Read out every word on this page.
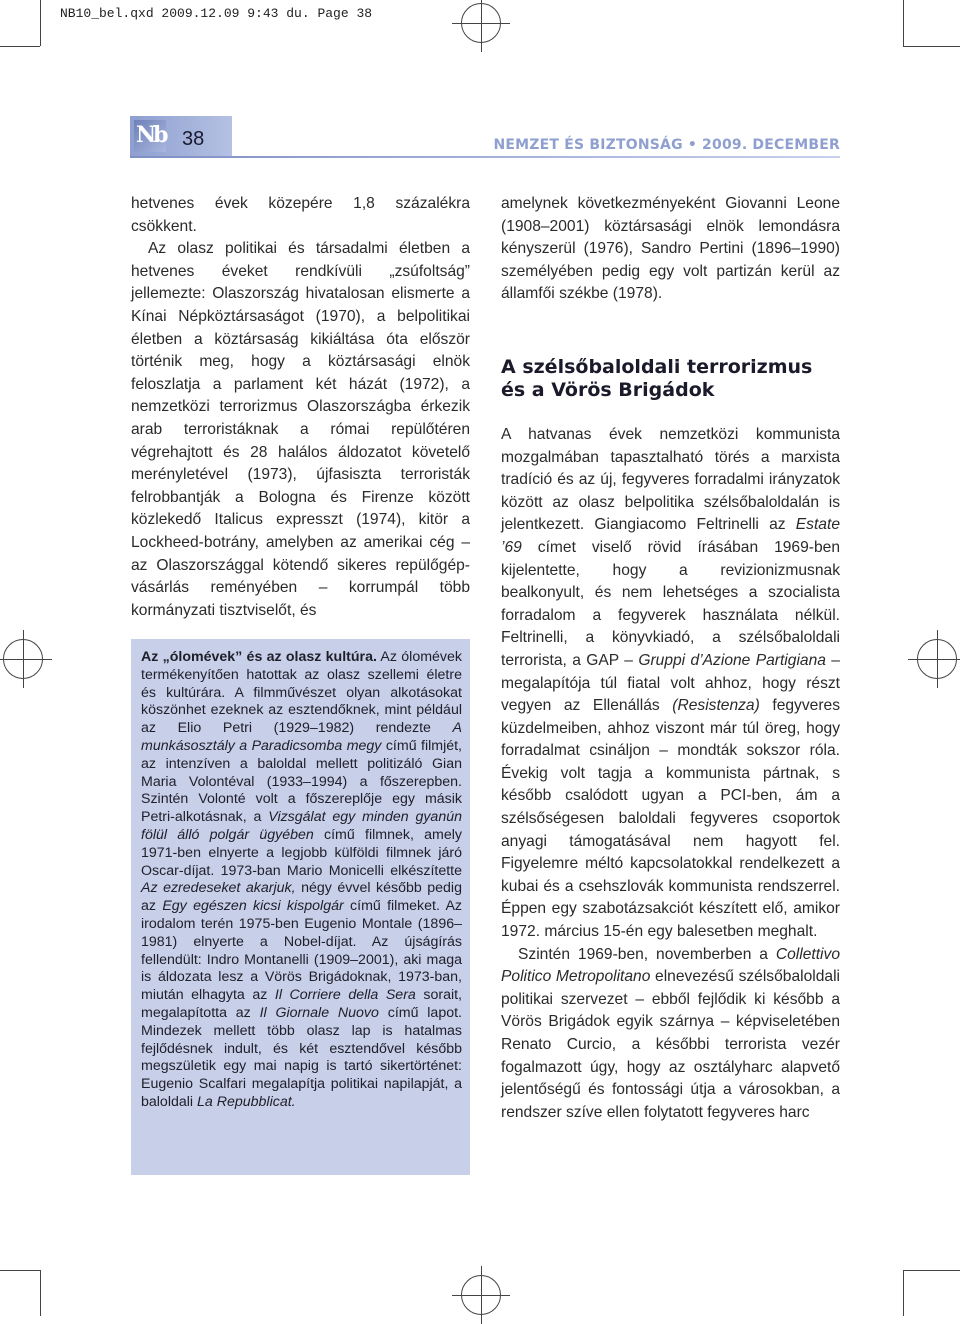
NB10_bel.qxd 2009.12.09 9:43 du. Page 38
Nb 38	NEMZET ÉS BIZTONSÁG • 2009. DECEMBER

hetvenes évek közepére 1,8 százalékra csökkent.

Az olasz politikai és társadalmi életben a hetvenes éveket rendkívüli „zsúfoltság” jellemezte: Olaszország hivatalosan elismerte a Kínai Népköztársaságot (1970), a belpolitikai életben a köztársaság kikiáltása óta először történik meg, hogy a köztársasági elnök feloszlatja a parlament két házát (1972), a nemzetközi terrorizmus Olaszországba érkezik arab terroristáknak a római repülőtéren végrehajtott és 28 halálos áldozatot követelő merényletével (1973), újfasiszta terroristák felrobbantják a Bologna és Firenze között közlekedő Italicus expresszt (1974), kitör a Lockheed-botrány, amelyben az amerikai cég – az Olaszországgal kötendő sikeres repülőgép-vásárlás reményében – korrumpál több kormányzati tisztviselőt, és

Az „ólomévek” és az olasz kultúra. Az ólomévek termékenyítően hatottak az olasz szellemi életre és kultúrára. A filmművészet olyan alkotásokat köszönhet ezeknek az esztendőknek, mint például az Elio Petri (1929–1982) rendezte A munkásosztály a Paradicsomba megy című filmjét, az intenzíven a baloldal mellett politizáló Gian Maria Volontéval (1933–1994) a főszerepben. Szintén Volonté volt a főszereplője egy másik Petri-alkotásnak, a Vizsgálat egy minden gyanún fölül álló polgár ügyében című filmnek, amely 1971-ben elnyerte a legjobb külföldi filmnek járó Oscar-díjat. 1973-ban Mario Monicelli elkészítette Az ezredeseket akarjuk, négy évvel később pedig az Egy egészen kicsi kispolgár című filmeket. Az irodalom terén 1975-ben Eugenio Montale (1896–1981) elnyerte a Nobel-díjat. Az újságírás fellendült: Indro Montanelli (1909–2001), aki maga is áldozata lesz a Vörös Brigádoknak, 1973-ban, miután elhagyta az Il Corriere della Sera sorait, megalapította az Il Giornale Nuovo című lapot. Mindezek mellett több olasz lap is hatalmas fejlődésnek indult, és két esztendővel később megszületik egy mai napig is tartó sikertörténet: Eugenio Scalfari megalapítja politikai napilapját, a baloldali La Repubblicat.

amelynek következményeként Giovanni Leone (1908–2001) köztársasági elnök lemondásra kényszerül (1976), Sandro Pertini (1896–1990) személyében pedig egy volt partizán kerül az államfői székbe (1978).

A szélsőbaloldali terrorizmus
és a Vörös Brigádok

A hatvanas évek nemzetközi kommunista mozgalmában tapasztalható törés a marxista tradíció és az új, fegyveres forradalmi irányzatok között az olasz belpolitika szélsőbaloldalán is jelentkezett. Giangiacomo Feltrinelli az Estate ’69 címet viselő rövid írásában 1969-ben kijelentette, hogy a revizionizmusnak bealkonyult, és nem lehetséges a szocialista forradalom a fegyverek használata nélkül. Feltrinelli, a könyvkiadó, a szélsőbaloldali terrorista, a GAP – Gruppi d’Azione Partigiana – megalapítója túl fiatal volt ahhoz, hogy részt vegyen az Ellenállás (Resistenza) fegyveres küzdelmeiben, ahhoz viszont már túl öreg, hogy forradalmat csináljon – mondták sokszor róla. Évekig volt tagja a kommunista pártnak, s később csalódott ugyan a PCI-ben, ám a szélsőségesen baloldali fegyveres csoportok anyagi támogatásával nem hagyott fel. Figyelemre méltó kapcsolatokkal rendelkezett a kubai és a csehszlovák kommunista rendszerrel. Éppen egy szabotázsakciót készített elő, amikor 1972. március 15-én egy balesetben meghalt.

Szintén 1969-ben, novemberben a Collettivo Politico Metropolitano elnevezésű szélsőbaloldali politikai szervezet – ebből fejlődik ki később a Vörös Brigádok egyik szárnya – képviseletében Renato Curcio, a későbbi terrorista vezér fogalmazott úgy, hogy az osztályharc alapvető jelentőségű és fontossági útja a városokban, a rendszer szíve ellen folytatott fegyveres harc
